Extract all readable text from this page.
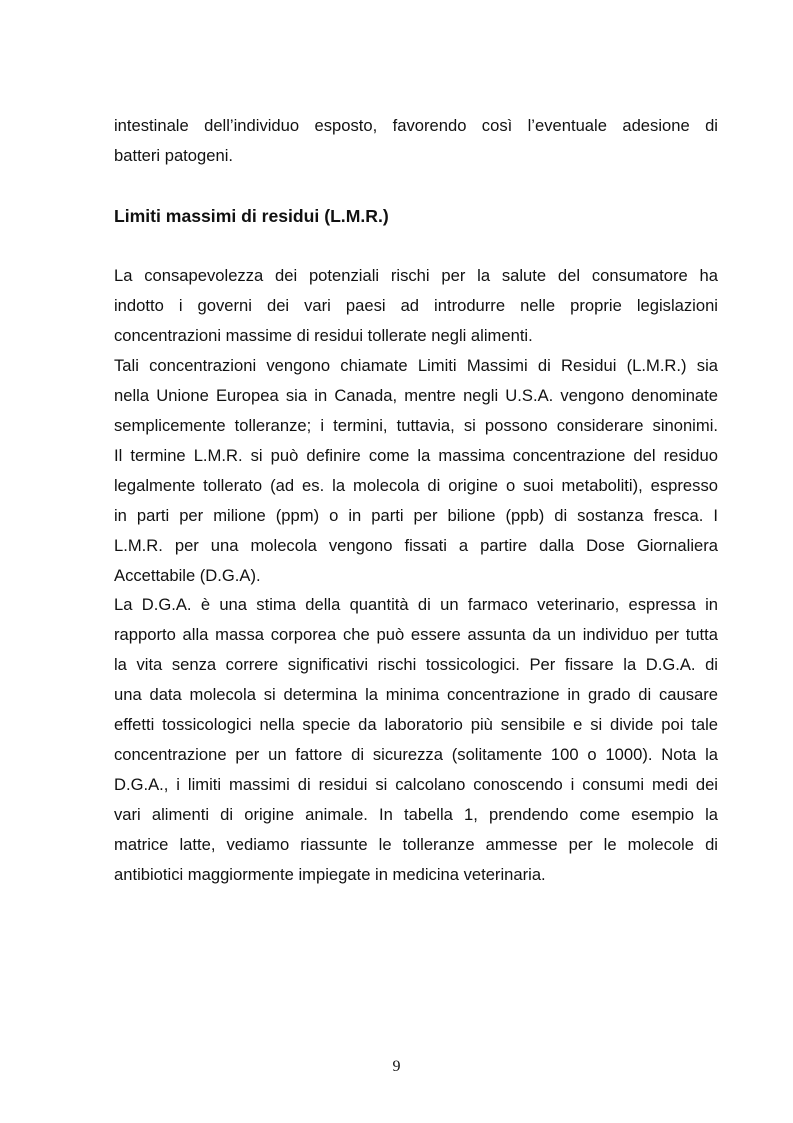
intestinale dell’individuo esposto, favorendo così l’eventuale adesione di
batteri patogeni.
Limiti massimi di residui (L.M.R.)
La consapevolezza dei potenziali rischi per la salute del consumatore ha
indotto i governi dei vari paesi ad introdurre nelle proprie legislazioni
concentrazioni massime di residui tollerate negli alimenti.
Tali concentrazioni vengono chiamate Limiti Massimi di Residui (L.M.R.) sia
nella Unione Europea sia in Canada, mentre negli U.S.A. vengono denominate
semplicemente tolleranze; i termini, tuttavia, si possono considerare sinonimi.
Il termine L.M.R. si può definire come la massima concentrazione del residuo
legalmente tollerato (ad es. la molecola di origine o suoi metaboliti), espresso
in parti per milione (ppm) o in parti per bilione (ppb) di sostanza fresca. I
L.M.R. per una molecola vengono fissati a partire dalla Dose Giornaliera
Accettabile (D.G.A).
La D.G.A. è una stima della quantità di un farmaco veterinario, espressa in
rapporto alla massa corporea che può essere assunta da un individuo per tutta
la vita senza correre significativi rischi tossicologici. Per fissare la D.G.A. di
una data molecola si determina la minima concentrazione in grado di causare
effetti tossicologici nella specie da laboratorio più sensibile e si divide poi tale
concentrazione per un fattore di sicurezza (solitamente 100 o 1000). Nota la
D.G.A., i limiti massimi di residui si calcolano conoscendo i consumi medi dei
vari alimenti di origine animale. In tabella 1, prendendo come esempio la
matrice latte, vediamo riassunte le tolleranze ammesse per le molecole di
antibiotici maggiormente impiegate in medicina veterinaria.
9
